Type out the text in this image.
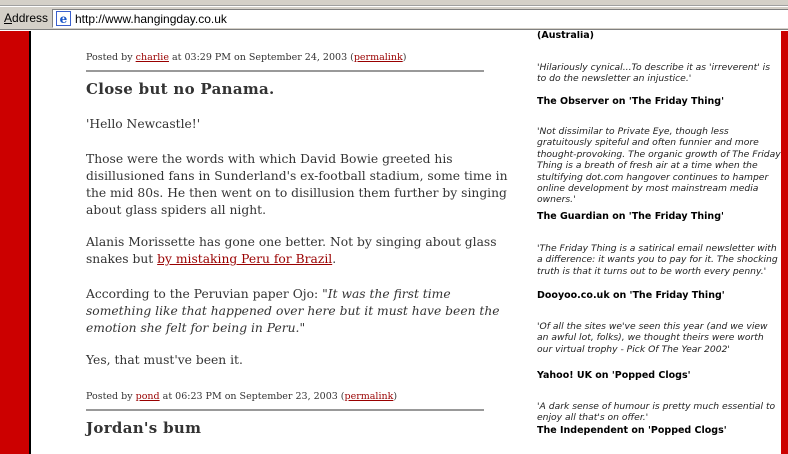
Address e http://www.hangingday.co.uk
Posted by charlie at 03:29 PM on September 24, 2003 (permalink)
Close but no Panama.
'Hello Newcastle!'
Those were the words with which David Bowie greeted his disillusioned fans in Sunderland's ex-football stadium, some time in the mid 80s. He then went on to disillusion them further by singing about glass spiders all night.
Alanis Morissette has gone one better. Not by singing about glass snakes but by mistaking Peru for Brazil.
According to the Peruvian paper Ojo: "It was the first time something like that happened over here but it must have been the emotion she felt for being in Peru."
Yes, that must've been it.
Posted by pond at 06:23 PM on September 23, 2003 (permalink)
Jordan's bum
(Australia)
'Hilariously cynical...To describe it as 'irreverent' is to do the newsletter an injustice.'
The Observer on 'The Friday Thing'
'Not dissimilar to Private Eye, though less gratuitously spiteful and often funnier and more thought-provoking. The organic growth of The Friday Thing is a breath of fresh air at a time when the stultifying dot.com hangover continues to hamper online development by most mainstream media owners.'
The Guardian on 'The Friday Thing'
'The Friday Thing is a satirical email newsletter with a difference: it wants you to pay for it. The shocking truth is that it turns out to be worth every penny.'
Dooyoo.co.uk on 'The Friday Thing'
'Of all the sites we've seen this year (and we view an awful lot, folks), we thought theirs were worth our virtual trophy - Pick Of The Year 2002'
Yahoo! UK on 'Popped Clogs'
'A dark sense of humour is pretty much essential to enjoy all that's on offer.'
The Independent on 'Popped Clogs'
